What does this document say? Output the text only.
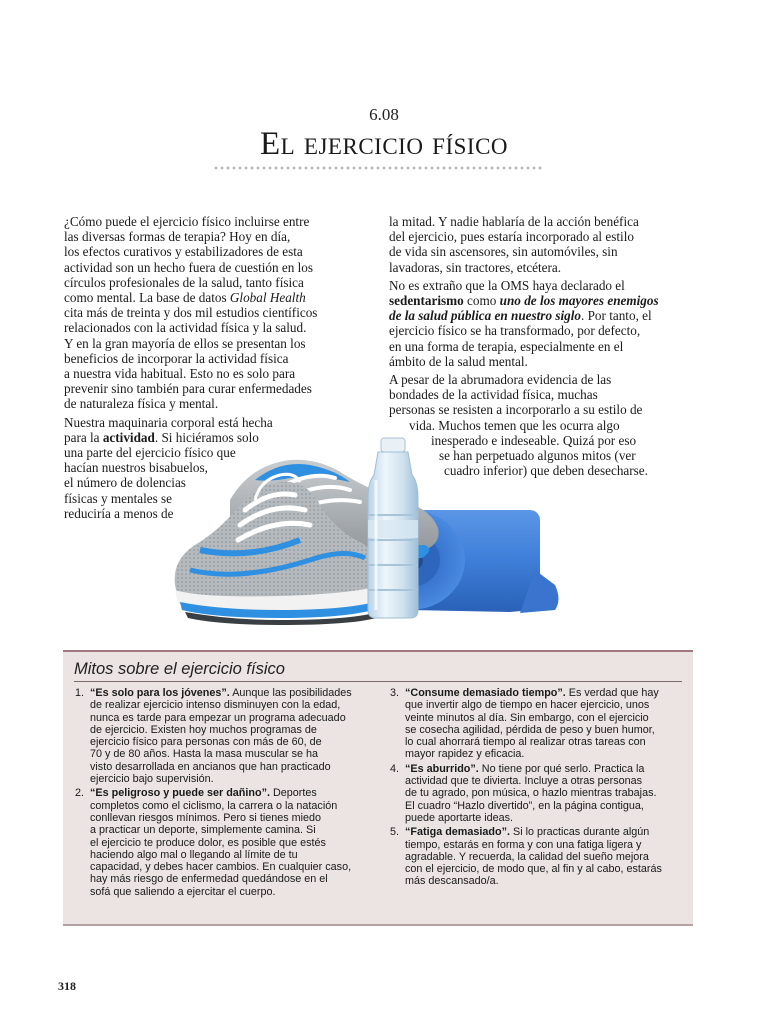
6.08
El ejercicio físico
¿Cómo puede el ejercicio físico incluirse entre
las diversas formas de terapia? Hoy en día,
los efectos curativos y estabilizadores de esta
actividad son un hecho fuera de cuestión en los
círculos profesionales de la salud, tanto física
como mental. La base de datos Global Health
cita más de treinta y dos mil estudios científicos
relacionados con la actividad física y la salud.
Y en la gran mayoría de ellos se presentan los
beneficios de incorporar la actividad física
a nuestra vida habitual. Esto no es solo para
prevenir sino también para curar enfermedades
de naturaleza física y mental.
Nuestra maquinaria corporal está hecha
para la actividad. Si hiciéramos solo
una parte del ejercicio físico que
hacían nuestros bisabuelos,
el número de dolencias
físicas y mentales se
reduciría a menos de
la mitad. Y nadie hablaría de la acción benéfica
del ejercicio, pues estaría incorporado al estilo
de vida sin ascensores, sin automóviles, sin
lavadoras, sin tractores, etcétera.
No es extraño que la OMS haya declarado el
sedentarismo como uno de los mayores enemigos
de la salud pública en nuestro siglo. Por tanto, el
ejercicio físico se ha transformado, por defecto,
en una forma de terapia, especialmente en el
ámbito de la salud mental.
A pesar de la abrumadora evidencia de las
bondades de la actividad física, muchas
personas se resisten a incorporarlo a su estilo de
vida. Muchos temen que les ocurra algo
inesperado e indeseable. Quizá por eso
se han perpetuado algunos mitos (ver
cuadro inferior) que deben desecharse.
Mitos sobre el ejercicio físico
1. “Es solo para los jóvenes”. Aunque las posibilidades
de realizar ejercicio intenso disminuyen con la edad,
nunca es tarde para empezar un programa adecuado
de ejercicio. Existen hoy muchos programas de
ejercicio físico para personas con más de 60, de
70 y de 80 años. Hasta la masa muscular se ha
visto desarrollada en ancianos que han practicado
ejercicio bajo supervisión.
2. “Es peligroso y puede ser dañino”. Deportes
completos como el ciclismo, la carrera o la natación
conllevan riesgos mínimos. Pero si tienes miedo
a practicar un deporte, simplemente camina. Si
el ejercicio te produce dolor, es posible que estés
haciendo algo mal o llegando al límite de tu
capacidad, y debes hacer cambios. En cualquier caso,
hay más riesgo de enfermedad quedándose en el
sofá que saliendo a ejercitar el cuerpo.
3. “Consume demasiado tiempo”. Es verdad que hay
que invertir algo de tiempo en hacer ejercicio, unos
veinte minutos al día. Sin embargo, con el ejercicio
se cosecha agilidad, pérdida de peso y buen humor,
lo cual ahorrará tiempo al realizar otras tareas con
mayor rapidez y eficacia.
4. “Es aburrido”. No tiene por qué serlo. Practica la
actividad que te divierta. Incluye a otras personas
de tu agrado, pon música, o hazlo mientras trabajas.
El cuadro “Hazlo divertido”, en la página contigua,
puede aportarte ideas.
5. “Fatiga demasiado”. Si lo practicas durante algún
tiempo, estarás en forma y con una fatiga ligera y
agradable. Y recuerda, la calidad del sueño mejora
con el ejercicio, de modo que, al fin y al cabo, estarás
más descansado/a.
318
